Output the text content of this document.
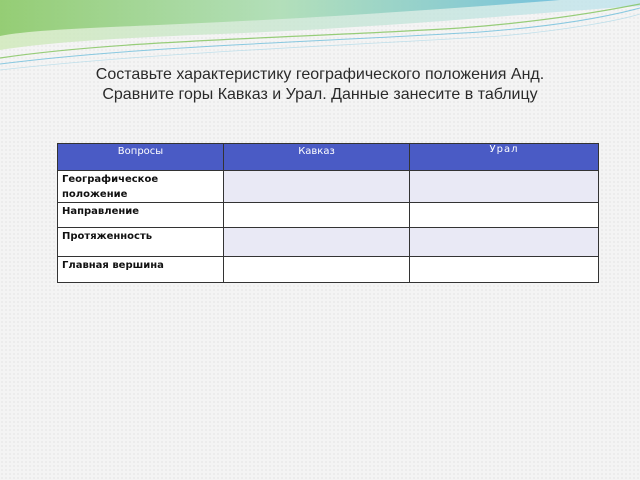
Составьте характеристику географического положения Анд.
Сравните горы Кавказ и Урал. Данные занесите в таблицу
Вопросы	Кавказ	Урал

Географическое
положение		

Направление		
Протяженность		
Главная вершина		
